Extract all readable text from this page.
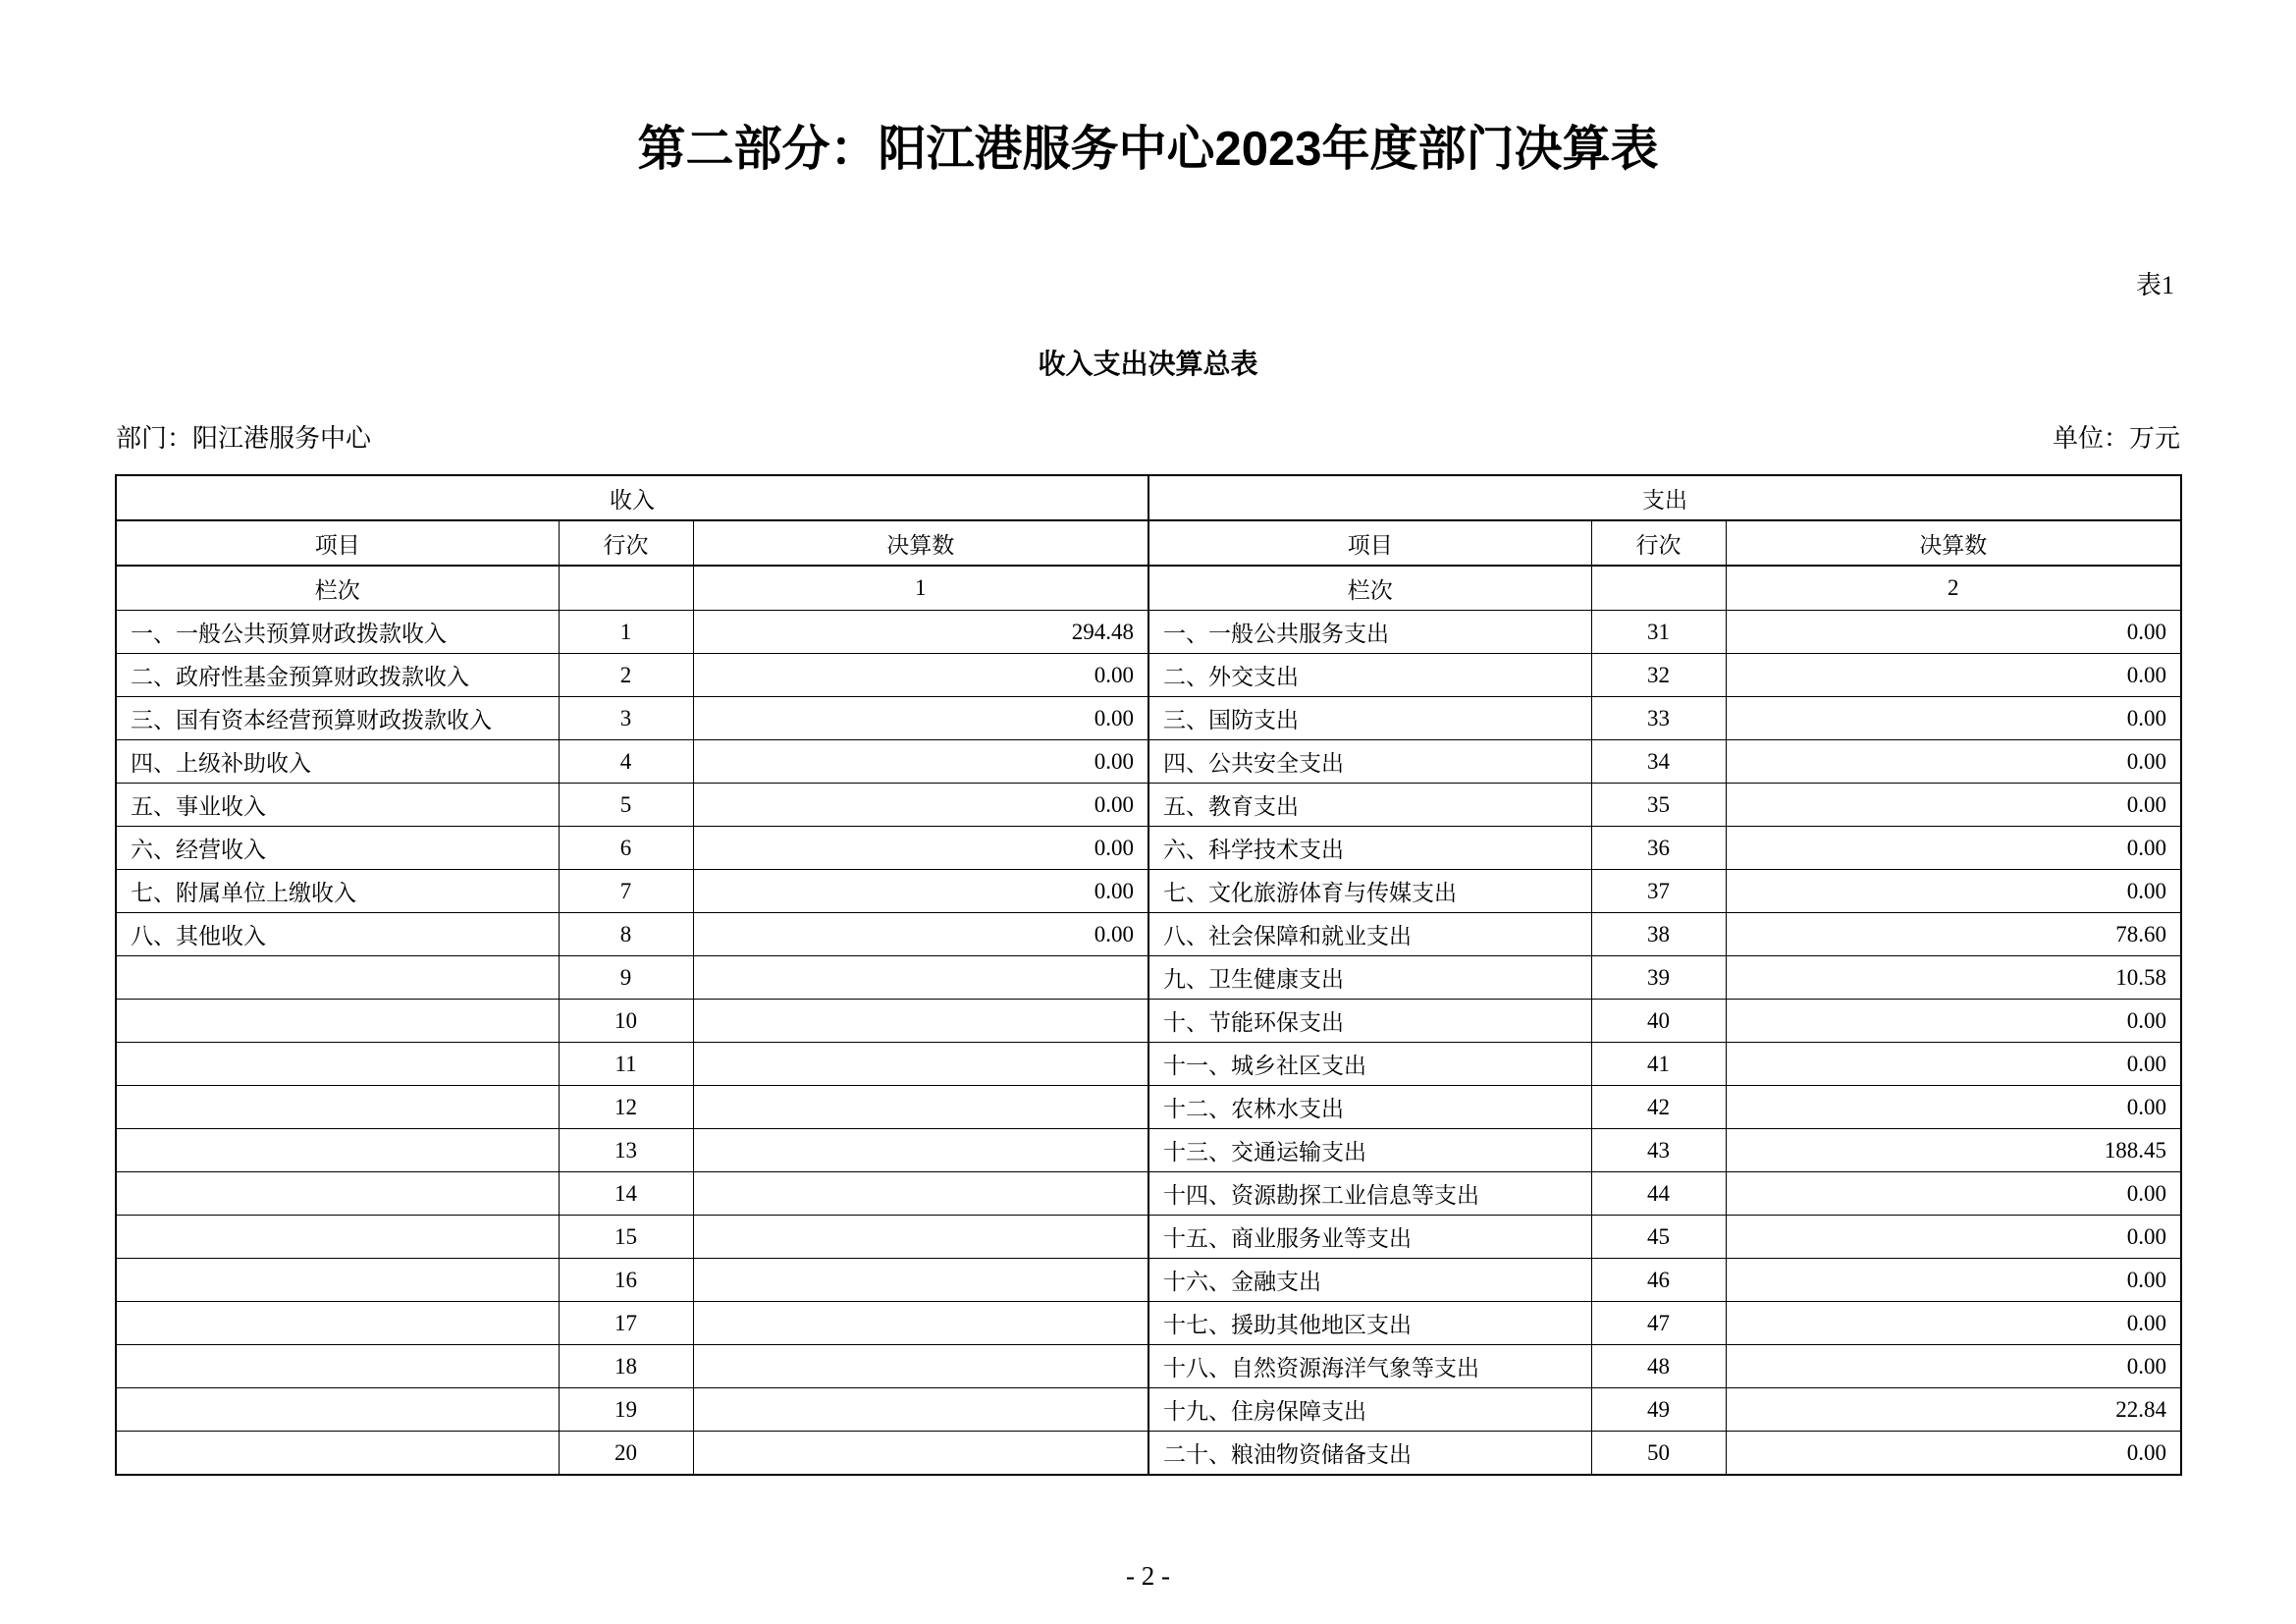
第二部分：阳江港服务中心2023年度部门决算表
表1
收入支出决算总表
部门：阳江港服务中心	单位：万元
收入			支出		
项目	行次	决算数	项目	行次	决算数
栏次		1	栏次		2
一、一般公共预算财政拨款收入	1	294.48	一、一般公共服务支出	31	0.00
二、政府性基金预算财政拨款收入	2	0.00	二、外交支出	32	0.00
三、国有资本经营预算财政拨款收入	3	0.00	三、国防支出	33	0.00
四、上级补助收入	4	0.00	四、公共安全支出	34	0.00
五、事业收入	5	0.00	五、教育支出	35	0.00
六、经营收入	6	0.00	六、科学技术支出	36	0.00
七、附属单位上缴收入	7	0.00	七、文化旅游体育与传媒支出	37	0.00
八、其他收入	8	0.00	八、社会保障和就业支出	38	78.60
	9		九、卫生健康支出	39	10.58
	10		十、节能环保支出	40	0.00
	11		十一、城乡社区支出	41	0.00
	12		十二、农林水支出	42	0.00
	13		十三、交通运输支出	43	188.45
	14		十四、资源勘探工业信息等支出	44	0.00
	15		十五、商业服务业等支出	45	0.00
	16		十六、金融支出	46	0.00
	17		十七、援助其他地区支出	47	0.00
	18		十八、自然资源海洋气象等支出	48	0.00
	19		十九、住房保障支出	49	22.84
	20		二十、粮油物资储备支出	50	0.00
- 2 -
